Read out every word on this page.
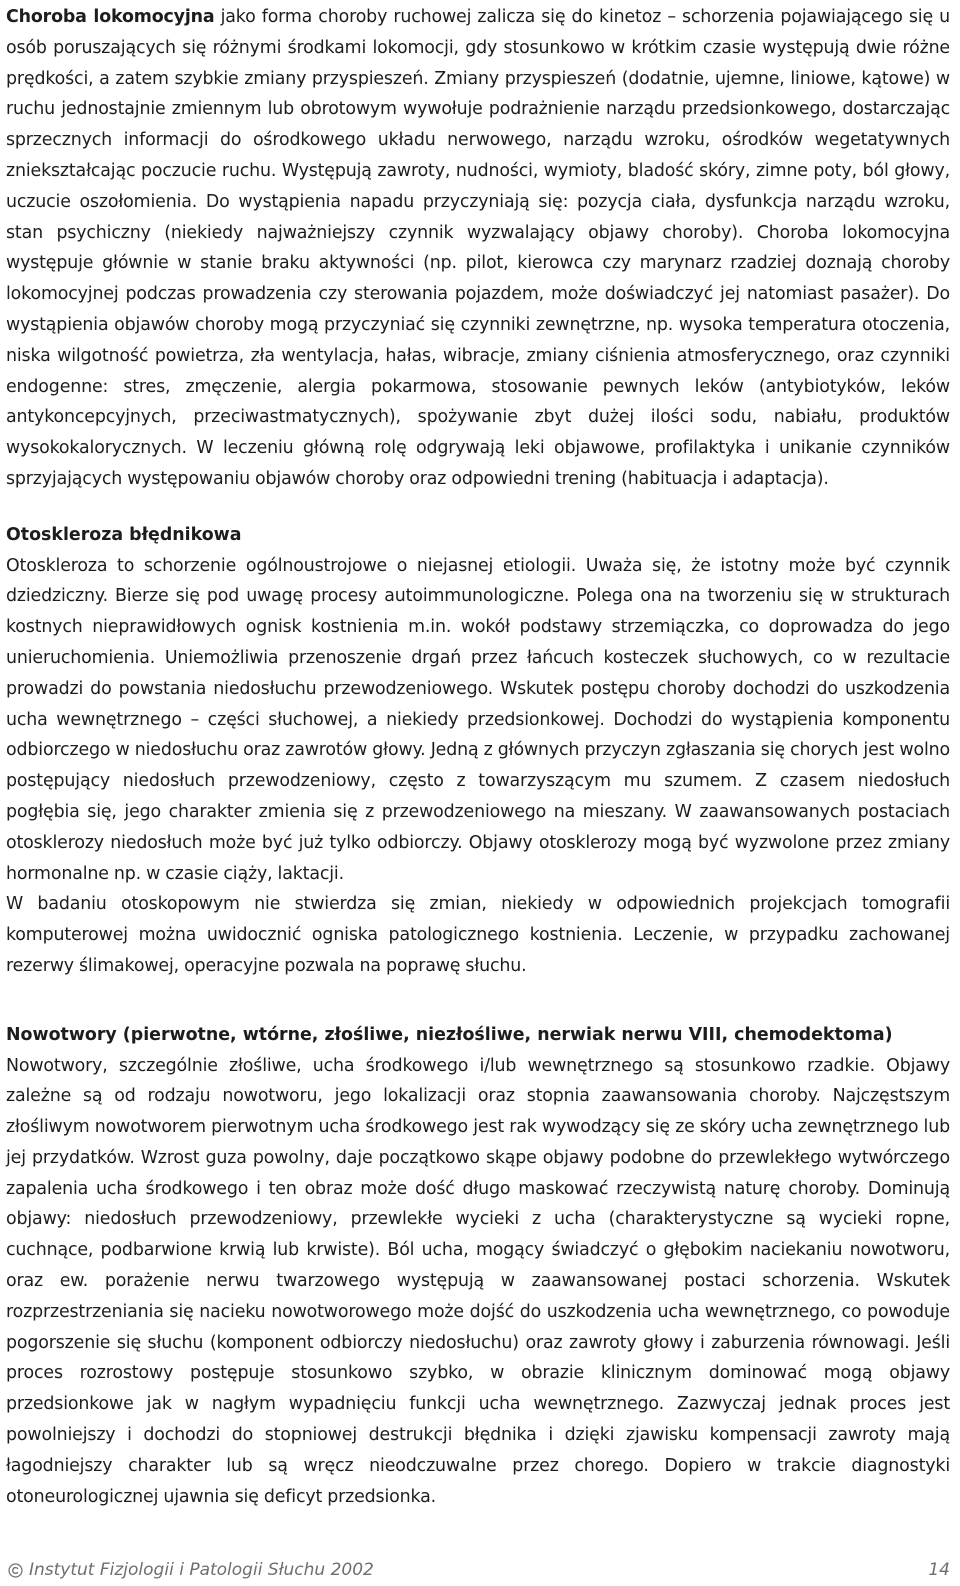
Choroba lokomocyjna jako forma choroby ruchowej zalicza się do kinetoz – schorzenia pojawiającego się u osób poruszających się różnymi środkami lokomocji, gdy stosunkowo w krótkim czasie występują dwie różne prędkości, a zatem szybkie zmiany przyspieszeń. Zmiany przyspieszeń (dodatnie, ujemne, liniowe, kątowe) w ruchu jednostajnie zmiennym lub obrotowym wywołuje podrażnienie narządu przedsionkowego, dostarczając sprzecznych informacji do ośrodkowego układu nerwowego, narządu wzroku, ośrodków wegetatywnych zniekształcając poczucie ruchu. Występują zawroty, nudności, wymioty, bladość skóry, zimne poty, ból głowy, uczucie oszołomienia. Do wystąpienia napadu przyczyniają się: pozycja ciała, dysfunkcja narządu wzroku, stan psychiczny (niekiedy najważniejszy czynnik wyzwalający objawy choroby). Choroba lokomocyjna występuje głównie w stanie braku aktywności (np. pilot, kierowca czy marynarz rzadziej doznają choroby lokomocyjnej podczas prowadzenia czy sterowania pojazdem, może doświadczyć jej natomiast pasażer). Do wystąpienia objawów choroby mogą przyczyniać się czynniki zewnętrzne, np. wysoka temperatura otoczenia, niska wilgotność powietrza, zła wentylacja, hałas, wibracje, zmiany ciśnienia atmosferycznego, oraz czynniki endogenne: stres, zmęczenie, alergia pokarmowa, stosowanie pewnych leków (antybiotyków, leków antykoncepcyjnych, przeciwastmatycznych), spożywanie zbyt dużej ilości sodu, nabiału, produktów wysokokalorycznych. W leczeniu główną rolę odgrywają leki objawowe, profilaktyka i unikanie czynników sprzyjających występowaniu objawów choroby oraz odpowiedni trening (habituacja i adaptacja).

Otoskleroza błędnikowa

Otoskleroza to schorzenie ogólnoustrojowe o niejasnej etiologii. Uważa się, że istotny może być czynnik dziedziczny. Bierze się pod uwagę procesy autoimmunologiczne. Polega ona na tworzeniu się w strukturach kostnych nieprawidłowych ognisk kostnienia m.in. wokół podstawy strzemiączka, co doprowadza do jego unieruchomienia. Uniemożliwia przenoszenie drgań przez łańcuch kosteczek słuchowych, co w rezultacie prowadzi do powstania niedosłuchu przewodzeniowego. Wskutek postępu choroby dochodzi do uszkodzenia ucha wewnętrznego – części słuchowej, a niekiedy przedsionkowej. Dochodzi do wystąpienia komponentu odbiorczego w niedosłuchu oraz zawrotów głowy. Jedną z głównych przyczyn zgłaszania się chorych jest wolno postępujący niedosłuch przewodzeniowy, często z towarzyszącym mu szumem. Z czasem niedosłuch pogłębia się, jego charakter zmienia się z przewodzeniowego na mieszany. W zaawansowanych postaciach otosklerozy niedosłuch może być już tylko odbiorczy. Objawy otosklerozy mogą być wyzwolone przez zmiany hormonalne np. w czasie ciąży, laktacji.

W badaniu otoskopowym nie stwierdza się zmian, niekiedy w odpowiednich projekcjach tomografii komputerowej można uwidocznić ogniska patologicznego kostnienia. Leczenie, w przypadku zachowanej rezerwy ślimakowej, operacyjne pozwala na poprawę słuchu.

Nowotwory (pierwotne, wtórne, złośliwe, niezłośliwe, nerwiak nerwu VIII, chemodektoma)

Nowotwory, szczególnie złośliwe, ucha środkowego i/lub wewnętrznego są stosunkowo rzadkie. Objawy zależne są od rodzaju nowotworu, jego lokalizacji oraz stopnia zaawansowania choroby. Najczęstszym złośliwym nowotworem pierwotnym ucha środkowego jest rak wywodzący się ze skóry ucha zewnętrznego lub jej przydatków. Wzrost guza powolny, daje początkowo skąpe objawy podobne do przewlekłego wytwórczego zapalenia ucha środkowego i ten obraz może dość długo maskować rzeczywistą naturę choroby. Dominują objawy: niedosłuch przewodzeniowy, przewlekłe wycieki z ucha (charakterystyczne są wycieki ropne, cuchnące, podbarwione krwią lub krwiste). Ból ucha, mogący świadczyć o głębokim naciekaniu nowotworu, oraz ew. porażenie nerwu twarzowego występują w zaawansowanej postaci schorzenia. Wskutek rozprzestrzeniania się nacieku nowotworowego może dojść do uszkodzenia ucha wewnętrznego, co powoduje pogorszenie się słuchu (komponent odbiorczy niedosłuchu) oraz zawroty głowy i zaburzenia równowagi. Jeśli proces rozrostowy postępuje stosunkowo szybko, w obrazie klinicznym dominować mogą objawy przedsionkowe jak w nagłym wypadnięciu funkcji ucha wewnętrznego. Zazwyczaj jednak proces jest powolniejszy i dochodzi do stopniowej destrukcji błędnika i dzięki zjawisku kompensacji zawroty mają łagodniejszy charakter lub są wręcz nieodczuwalne przez chorego. Dopiero w trakcie diagnostyki otoneurologicznej ujawnia się deficyt przedsionka.

Instytut Fizjologii i Patologii Słuchu 2002	14
